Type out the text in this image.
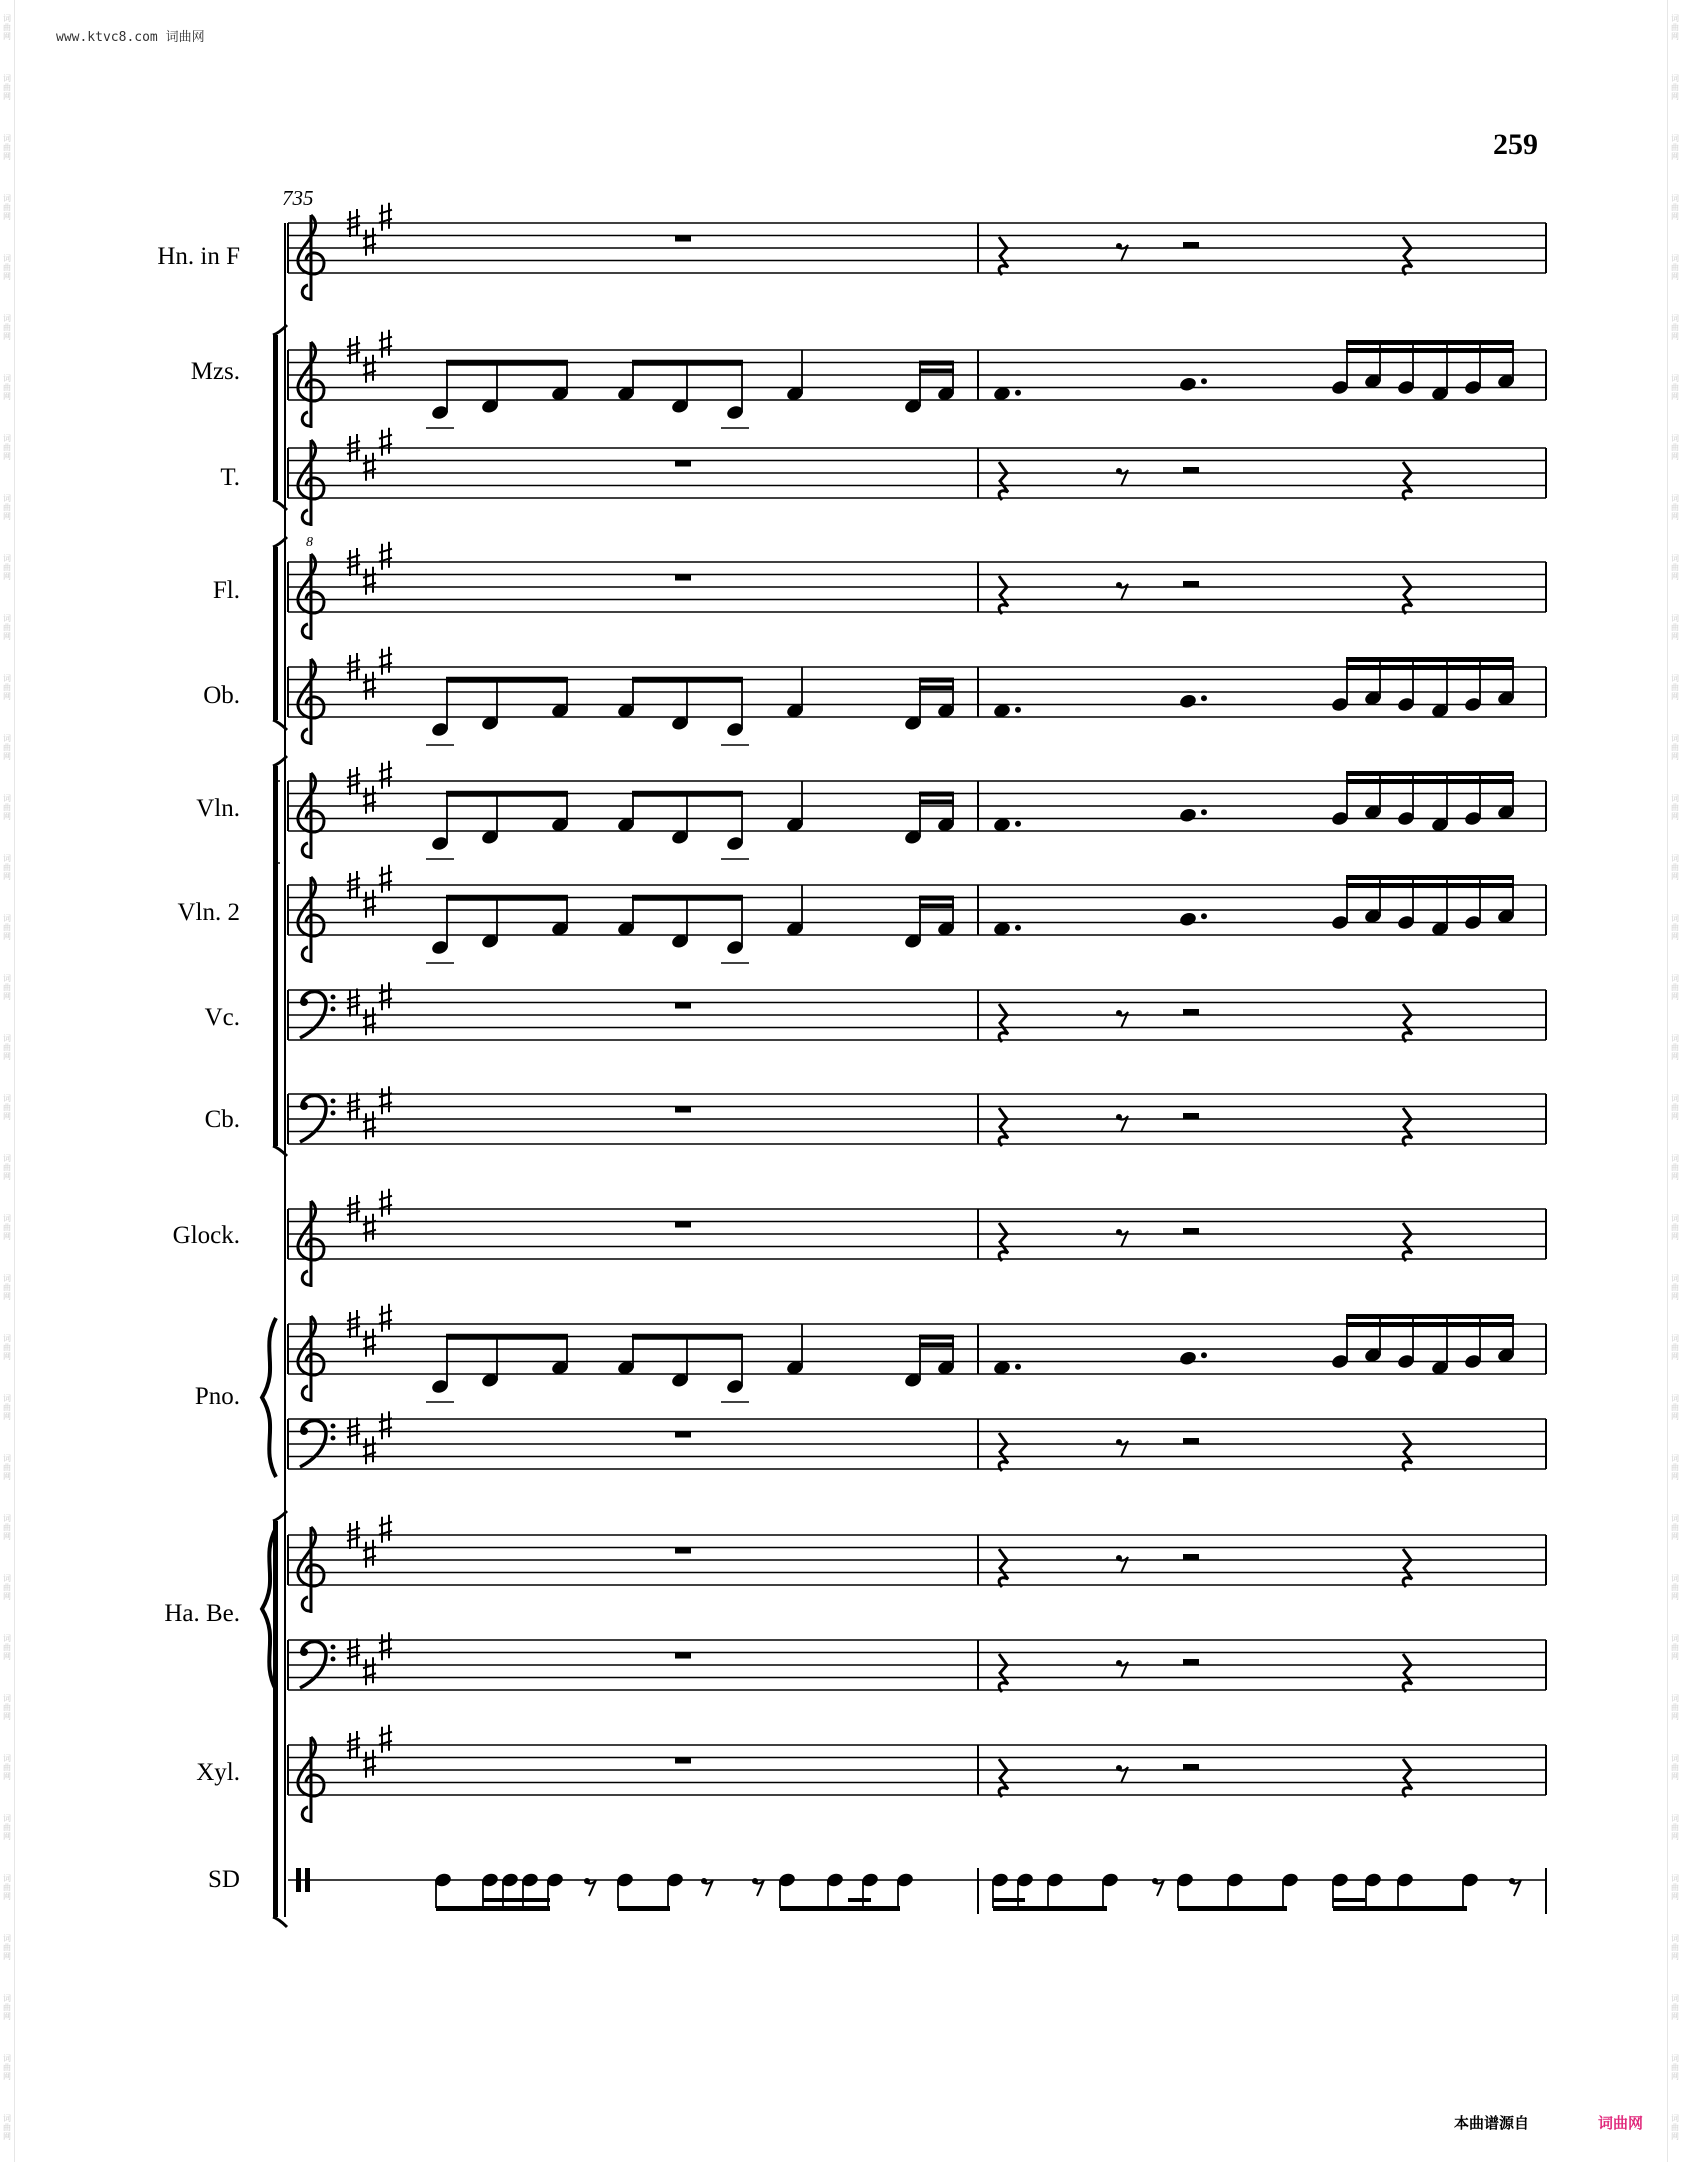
词
曲
网
词
曲
网
词
曲
网
词
曲
网
词
曲
网
词
曲
网
词
曲
网
词
曲
网
词
曲
网
词
曲
网
词
曲
网
词
曲
网
词
曲
网
词
曲
网
词
曲
网
词
曲
网
词
曲
网
词
曲
网
词
曲
网
词
曲
网
词
曲
网
词
曲
网
词
曲
网
词
曲
网
词
曲
网
词
曲
网
词
曲
网
词
曲
网
词
曲
网
词
曲
网
词
曲
网
词
曲
网
词
曲
网
词
曲
网
词
曲
网
词
曲
网
词
曲
网
词
曲
网
词
曲
网
词
曲
网
词
曲
网
词
曲
网
词
曲
网
词
曲
网
词
曲
网
词
曲
网
词
曲
网
词
曲
网
词
曲
网
词
曲
网
词
曲
网
词
曲
网
词
曲
网
词
曲
网
词
曲
网
词
曲
网
词
曲
网
词
曲
网
词
曲
网
词
曲
网
词
曲
网
词
曲
网
词
曲
网
词
曲
网
词
曲
网
词
曲
网
词
曲
网
词
曲
网
词
曲
网
词
曲
网
词
曲
网
词
曲
网
www.ktvc8.com 词曲网
259
735
Hn. in F
Mzs.
T.
Fl.
Ob.
Vln.
Vln. 2
Vc.
Cb.
Glock.
Pno.
Ha. Be.
Xyl.
SD
8
本曲谱源自	词曲网
